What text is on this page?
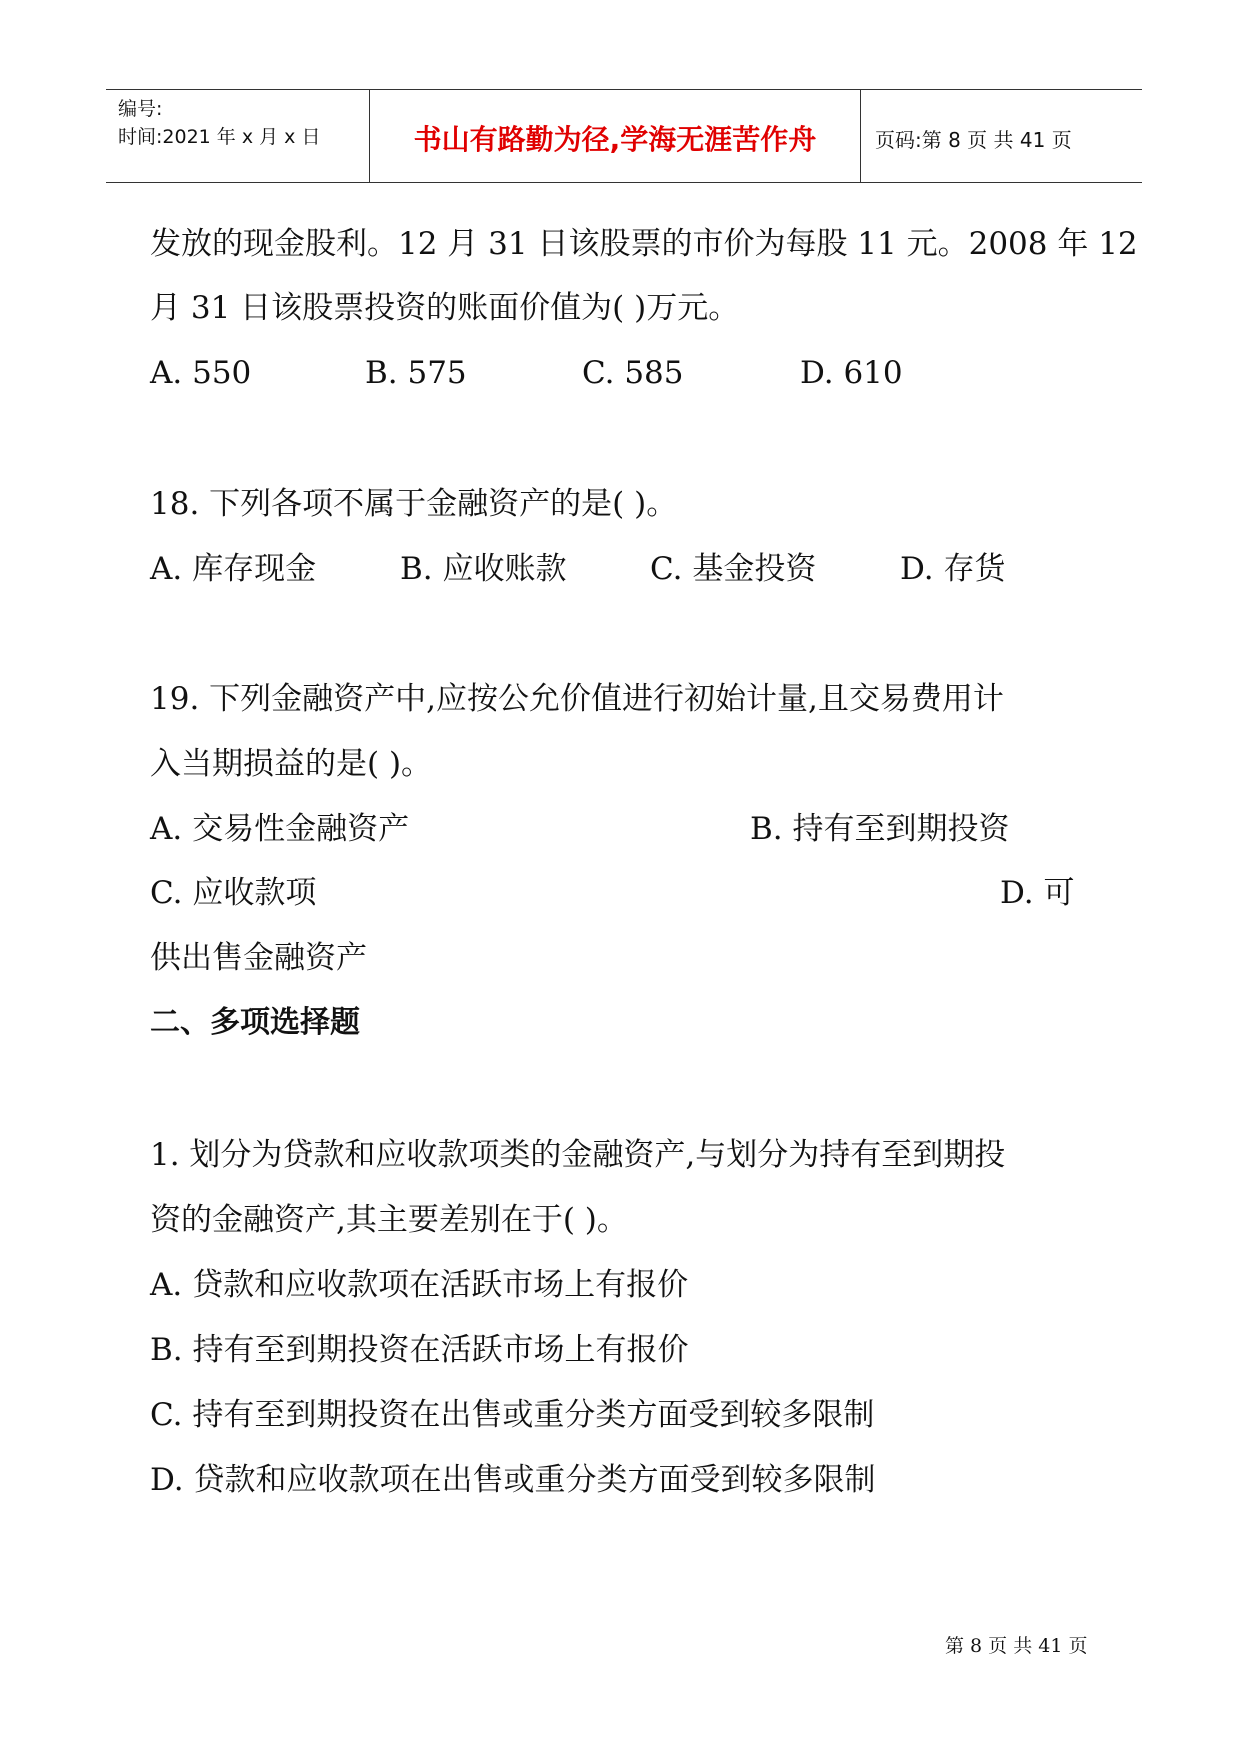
编号:
时间:2021 年 x 月 x 日	书山有路勤为径,学海无涯苦作舟	页码:第 8 页 共 41 页
发放的现金股利。12 月 31 日该股票的市价为每股 11 元。2008 年 12
月 31 日该股票投资的账面价值为( )万元。
A. 550	B. 575	C. 585	D. 610
18. 下列各项不属于金融资产的是( )。
A. 库存现金	B. 应收账款	C. 基金投资	D. 存货
19. 下列金融资产中,应按公允价值进行初始计量,且交易费用计
入当期损益的是( )。
A. 交易性金融资产	B. 持有至到期投资
C. 应收款项	D. 可
供出售金融资产
二、多项选择题
1. 划分为贷款和应收款项类的金融资产,与划分为持有至到期投
资的金融资产,其主要差别在于( )。
A. 贷款和应收款项在活跃市场上有报价
B. 持有至到期投资在活跃市场上有报价
C. 持有至到期投资在出售或重分类方面受到较多限制
D. 贷款和应收款项在出售或重分类方面受到较多限制
第 8 页 共 41 页
